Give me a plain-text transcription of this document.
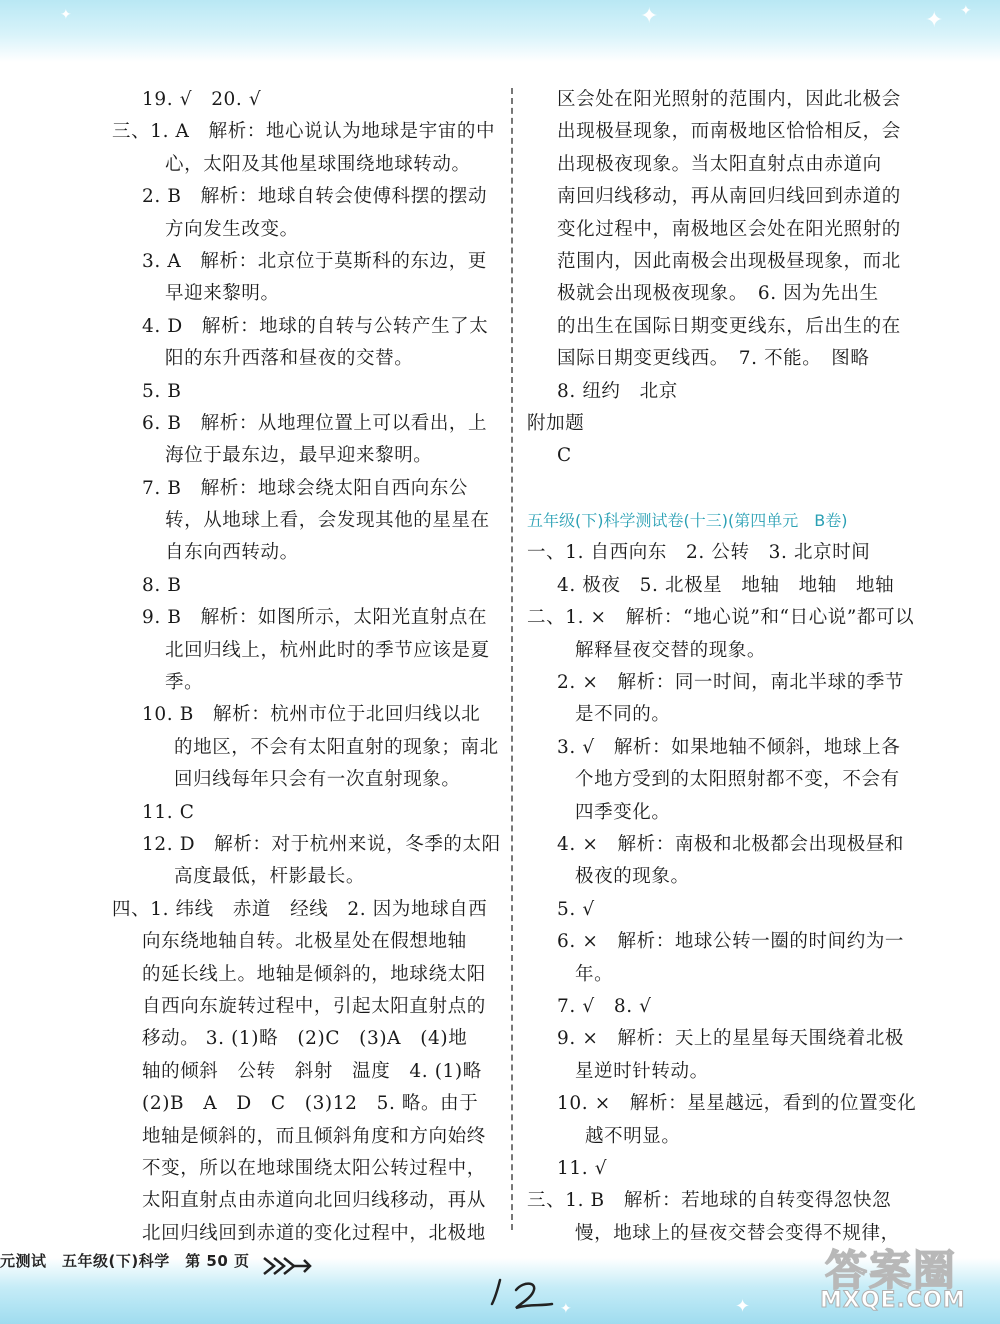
✦	✦ ✦
✦
✦
✦
19. √　20. √
三、1. A　解析：地心说认为地球是宇宙的中
心，太阳及其他星球围绕地球转动。
2. B　解析：地球自转会使傅科摆的摆动
方向发生改变。
3. A　解析：北京位于莫斯科的东边，更
早迎来黎明。
4. D　解析：地球的自转与公转产生了太
阳的东升西落和昼夜的交替。
5. B
6. B　解析：从地理位置上可以看出，上
海位于最东边，最早迎来黎明。
7. B　解析：地球会绕太阳自西向东公
转，从地球上看，会发现其他的星星在
自东向西转动。
8. B
9. B　解析：如图所示，太阳光直射点在
北回归线上，杭州此时的季节应该是夏
季。
10. B　解析：杭州市位于北回归线以北
的地区，不会有太阳直射的现象；南北
回归线每年只会有一次直射现象。
11. C
12. D　解析：对于杭州来说，冬季的太阳
高度最低，杆影最长。
四、1. 纬线　赤道　经线　2. 因为地球自西
向东绕地轴自转。北极星处在假想地轴
的延长线上。地轴是倾斜的，地球绕太阳
自西向东旋转过程中，引起太阳直射点的
移动。 3. (1)略　(2)C　(3)A　(4)地
轴的倾斜　公转　斜射　温度　4. (1)略
(2)B　A　D　C　(3)12　5. 略。由于
地轴是倾斜的，而且倾斜角度和方向始终
不变，所以在地球围绕太阳公转过程中，
太阳直射点由赤道向北回归线移动，再从
北回归线回到赤道的变化过程中，北极地
区会处在阳光照射的范围内，因此北极会
出现极昼现象，而南极地区恰恰相反，会
出现极夜现象。当太阳直射点由赤道向
南回归线移动，再从南回归线回到赤道的
变化过程中，南极地区会处在阳光照射的
范围内，因此南极会出现极昼现象，而北
极就会出现极夜现象。　6. 因为先出生
的出生在国际日期变更线东，后出生的在
国际日期变更线西。　7. 不能。　图略
8. 纽约　北京
附加题
C
五年级(下)科学测试卷(十三)(第四单元　B卷)
一、1. 自西向东　2. 公转　3. 北京时间
4. 极夜　5. 北极星　地轴　地轴　地轴
二、1. ×　解析：“地心说”和“日心说”都可以
解释昼夜交替的现象。
2. ×　解析：同一时间，南北半球的季节
是不同的。
3. √　解析：如果地轴不倾斜，地球上各
个地方受到的太阳照射都不变，不会有
四季变化。
4. ×　解析：南极和北极都会出现极昼和
极夜的现象。
5. √
6. ×　解析：地球公转一圈的时间约为一
年。
7. √　8. √
9. ×　解析：天上的星星每天围绕着北极
星逆时针转动。
10. ×　解析：星星越远，看到的位置变化
越不明显。
11. √
三、1. B　解析：若地球的自转变得忽快忽
慢，地球上的昼夜交替会变得不规律，
元测试　五年级(下)科学　第 50 页	答案圈
MXQE.COM
